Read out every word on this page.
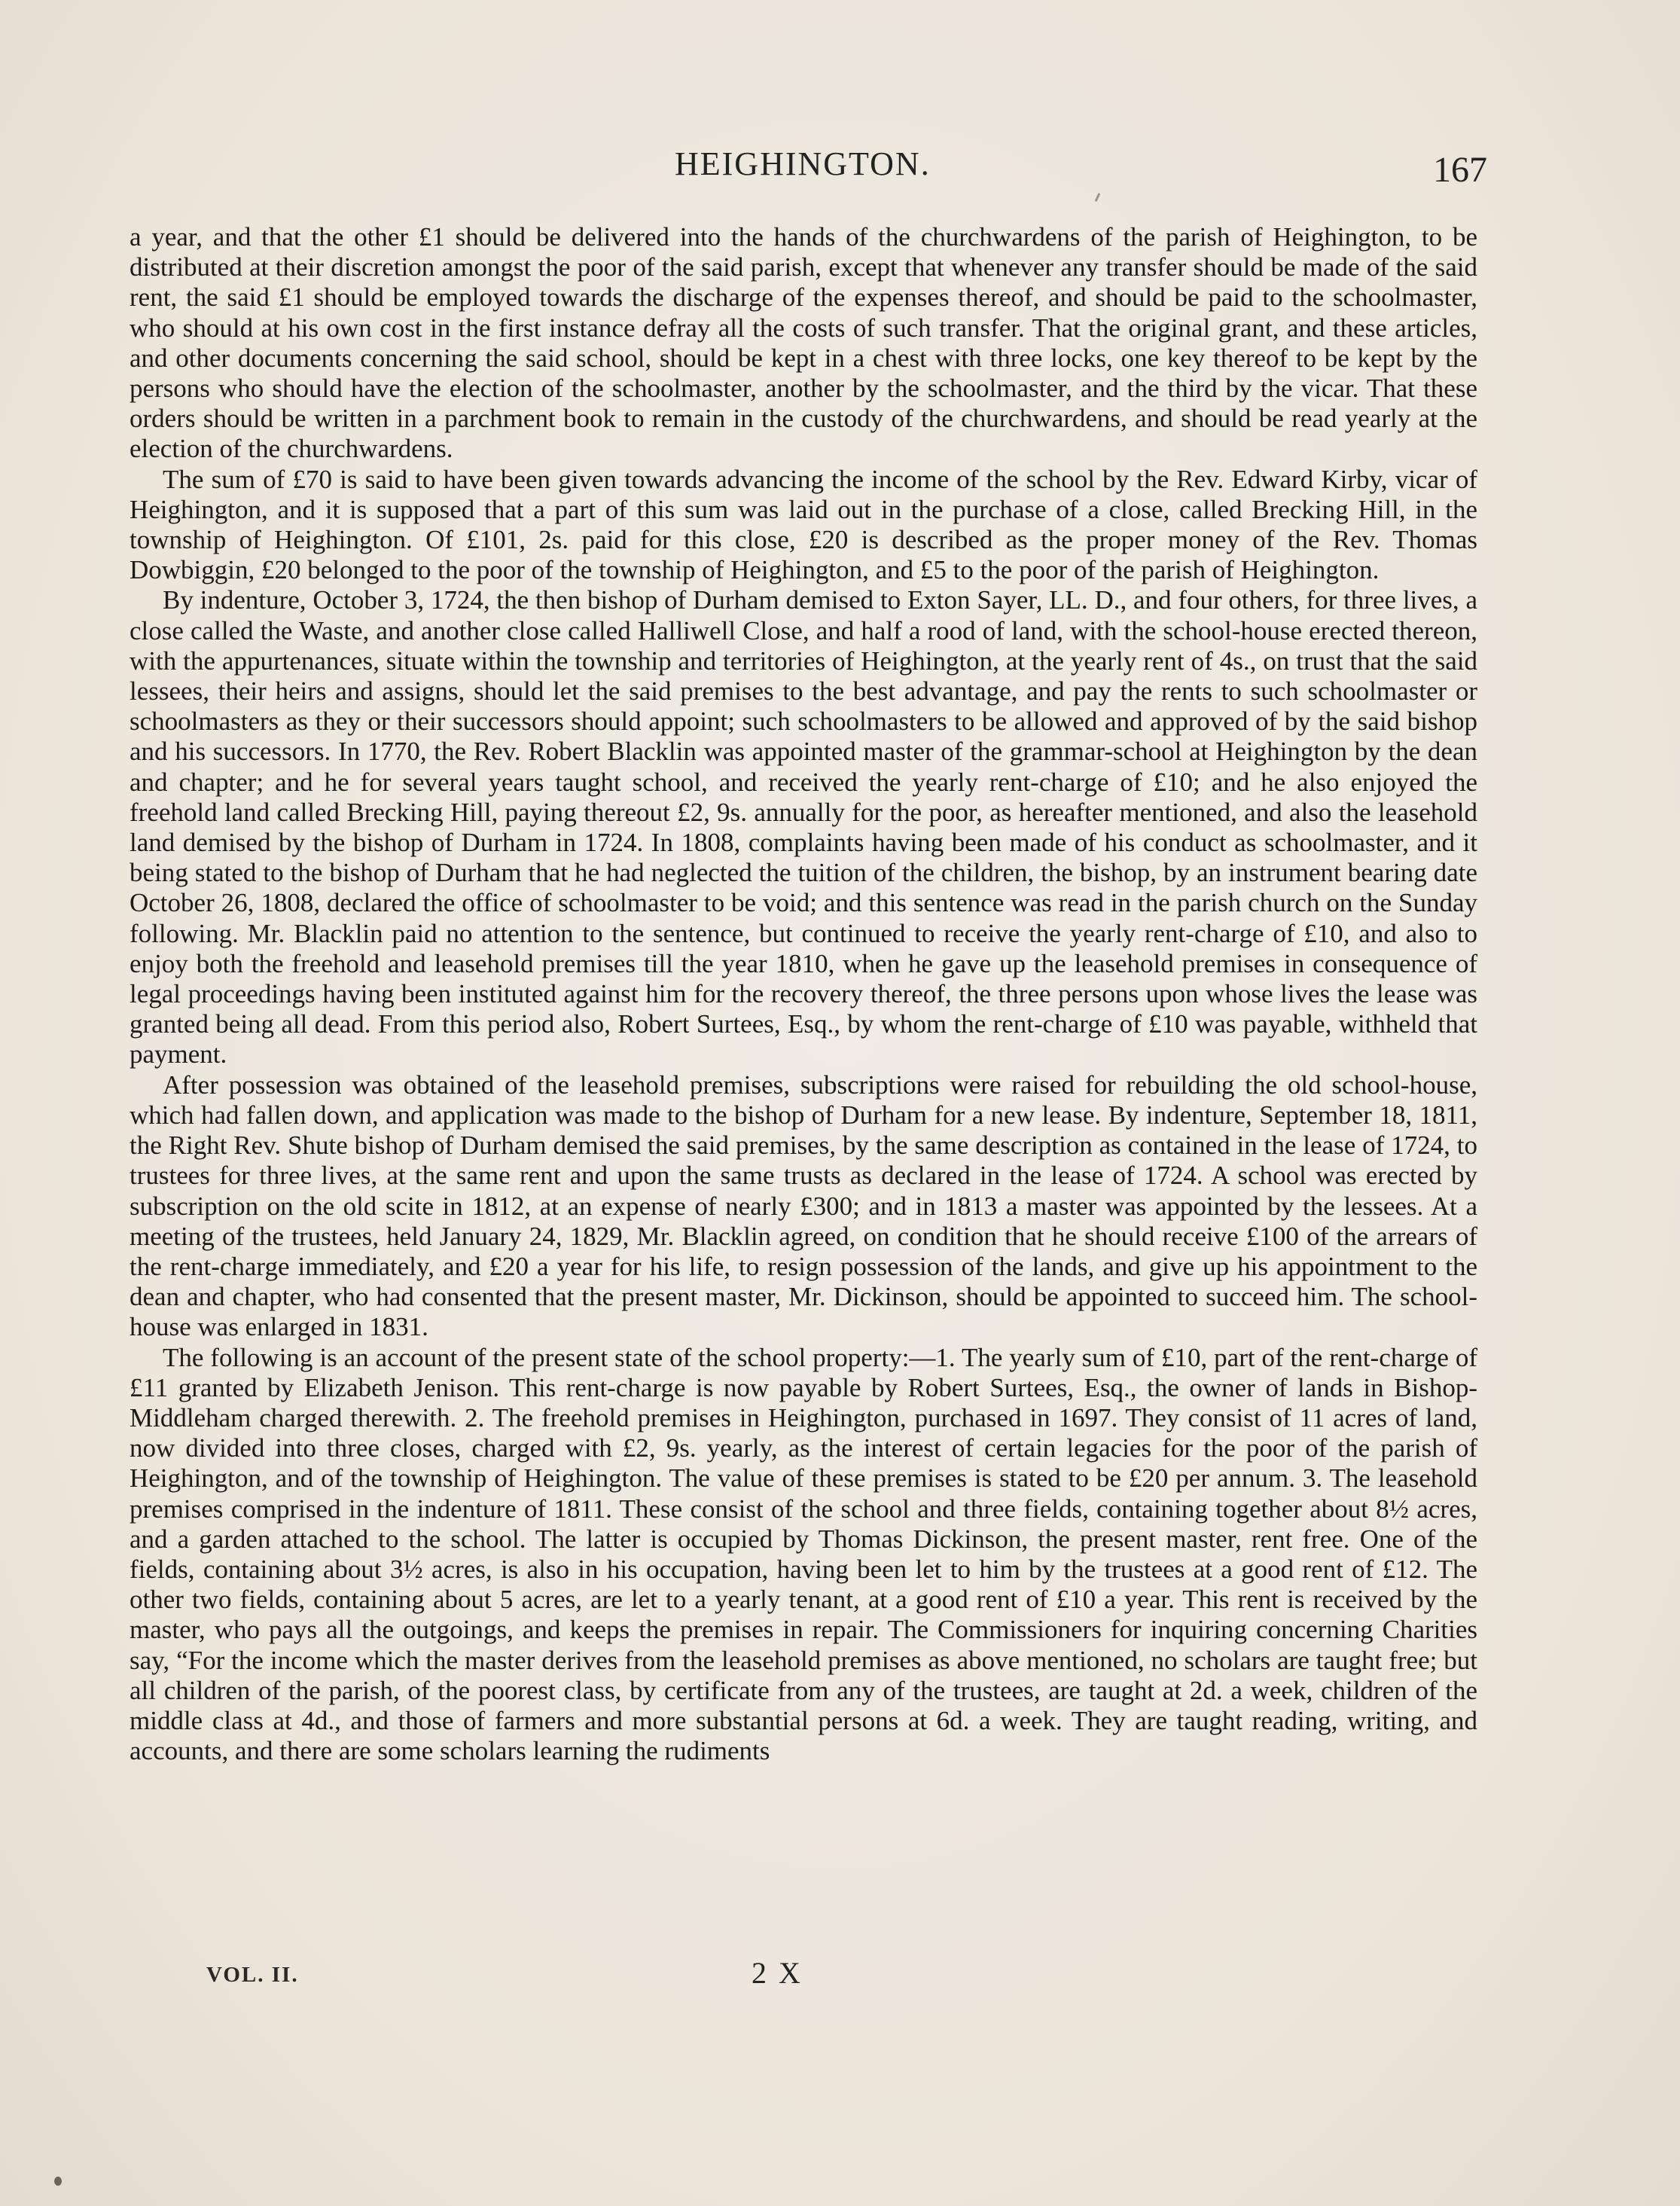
HEIGHINGTON.	167

a year, and that the other £1 should be delivered into the hands of the churchwardens of the parish of Heighington, to be distributed at their discretion amongst the poor of the said parish, except that whenever any transfer should be made of the said rent, the said £1 should be employed towards the discharge of the expenses thereof, and should be paid to the schoolmaster, who should at his own cost in the first instance defray all the costs of such transfer. That the original grant, and these articles, and other documents concerning the said school, should be kept in a chest with three locks, one key thereof to be kept by the persons who should have the election of the schoolmaster, another by the schoolmaster, and the third by the vicar. That these orders should be written in a parchment book to remain in the custody of the churchwardens, and should be read yearly at the election of the churchwardens.

The sum of £70 is said to have been given towards advancing the income of the school by the Rev. Edward Kirby, vicar of Heighington, and it is supposed that a part of this sum was laid out in the purchase of a close, called Brecking Hill, in the township of Heighington. Of £101, 2s. paid for this close, £20 is described as the proper money of the Rev. Thomas Dowbiggin, £20 belonged to the poor of the township of Heighington, and £5 to the poor of the parish of Heighington.

By indenture, October 3, 1724, the then bishop of Durham demised to Exton Sayer, LL. D., and four others, for three lives, a close called the Waste, and another close called Halliwell Close, and half a rood of land, with the school-house erected thereon, with the appurtenances, situate within the township and territories of Heighington, at the yearly rent of 4s., on trust that the said lessees, their heirs and assigns, should let the said premises to the best advantage, and pay the rents to such schoolmaster or schoolmasters as they or their successors should appoint; such schoolmasters to be allowed and approved of by the said bishop and his successors. In 1770, the Rev. Robert Blacklin was appointed master of the grammar-school at Heighington by the dean and chapter; and he for several years taught school, and received the yearly rent-charge of £10; and he also enjoyed the freehold land called Brecking Hill, paying thereout £2, 9s. annually for the poor, as hereafter mentioned, and also the leasehold land demised by the bishop of Durham in 1724. In 1808, complaints having been made of his conduct as schoolmaster, and it being stated to the bishop of Durham that he had neglected the tuition of the children, the bishop, by an instrument bearing date October 26, 1808, declared the office of schoolmaster to be void; and this sentence was read in the parish church on the Sunday following. Mr. Blacklin paid no attention to the sentence, but continued to receive the yearly rent-charge of £10, and also to enjoy both the freehold and leasehold premises till the year 1810, when he gave up the leasehold premises in consequence of legal proceedings having been instituted against him for the recovery thereof, the three persons upon whose lives the lease was granted being all dead. From this period also, Robert Surtees, Esq., by whom the rent-charge of £10 was payable, withheld that payment.

After possession was obtained of the leasehold premises, subscriptions were raised for rebuilding the old school-house, which had fallen down, and application was made to the bishop of Durham for a new lease. By indenture, September 18, 1811, the Right Rev. Shute bishop of Durham demised the said premises, by the same description as contained in the lease of 1724, to trustees for three lives, at the same rent and upon the same trusts as declared in the lease of 1724. A school was erected by subscription on the old scite in 1812, at an expense of nearly £300; and in 1813 a master was appointed by the lessees. At a meeting of the trustees, held January 24, 1829, Mr. Blacklin agreed, on condition that he should receive £100 of the arrears of the rent-charge immediately, and £20 a year for his life, to resign possession of the lands, and give up his appointment to the dean and chapter, who had consented that the present master, Mr. Dickinson, should be appointed to succeed him. The school-house was enlarged in 1831.

The following is an account of the present state of the school property:—1. The yearly sum of £10, part of the rent-charge of £11 granted by Elizabeth Jenison. This rent-charge is now payable by Robert Surtees, Esq., the owner of lands in Bishop-Middleham charged therewith. 2. The freehold premises in Heighington, purchased in 1697. They consist of 11 acres of land, now divided into three closes, charged with £2, 9s. yearly, as the interest of certain legacies for the poor of the parish of Heighington, and of the township of Heighington. The value of these premises is stated to be £20 per annum. 3. The leasehold premises comprised in the indenture of 1811. These consist of the school and three fields, containing together about 8½ acres, and a garden attached to the school. The latter is occupied by Thomas Dickinson, the present master, rent free. One of the fields, containing about 3½ acres, is also in his occupation, having been let to him by the trustees at a good rent of £12. The other two fields, containing about 5 acres, are let to a yearly tenant, at a good rent of £10 a year. This rent is received by the master, who pays all the outgoings, and keeps the premises in repair. The Commissioners for inquiring concerning Charities say, “For the income which the master derives from the leasehold premises as above mentioned, no scholars are taught free; but all children of the parish, of the poorest class, by certificate from any of the trustees, are taught at 2d. a week, children of the middle class at 4d., and those of farmers and more substantial persons at 6d. a week. They are taught reading, writing, and accounts, and there are some scholars learning the rudiments

VOL. II.	2 X
